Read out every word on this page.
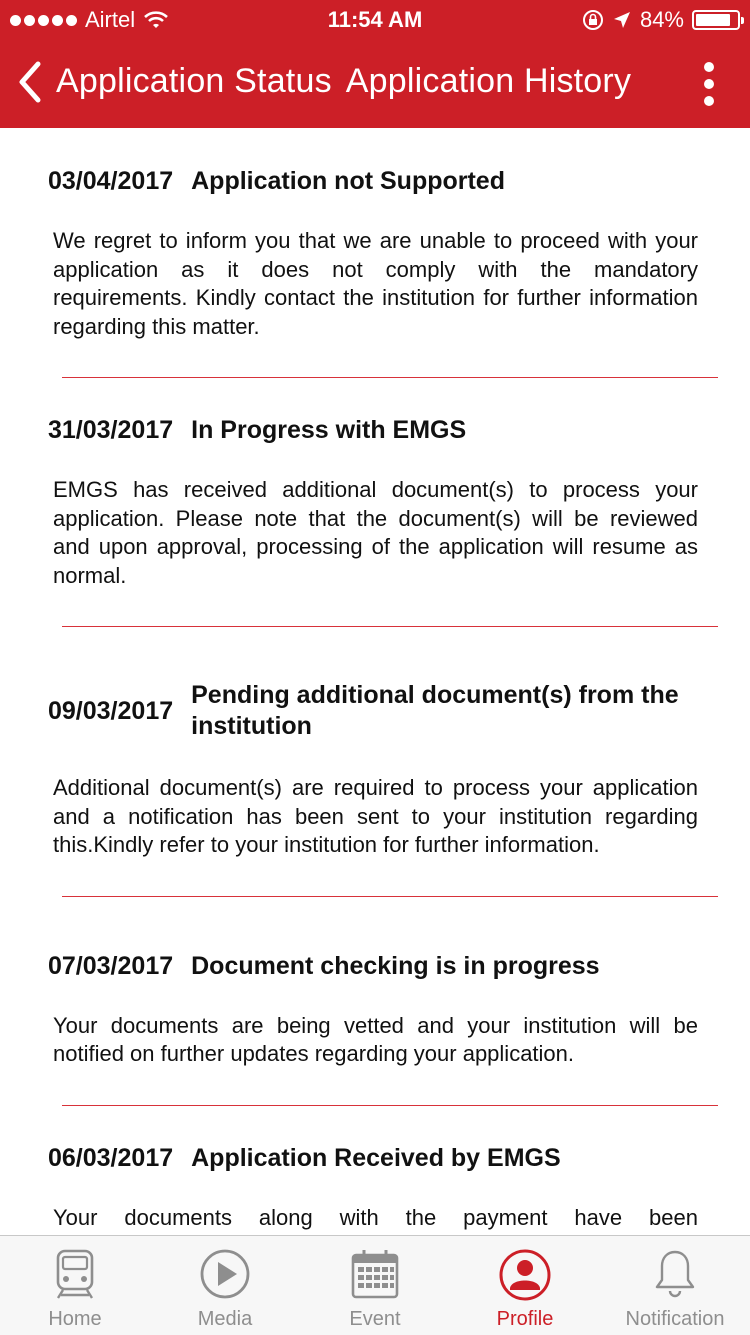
Airtel	11:54 AM	84%
Application Status Application History
03/04/2017 Application not Supported
We regret to inform you that we are unable to proceed with your application as it does not comply with the mandatory requirements. Kindly contact the institution for further information regarding this matter.
31/03/2017 In Progress with EMGS
EMGS has received additional document(s) to process your application. Please note that the document(s) will be reviewed and upon approval, processing of the application will resume as normal.
09/03/2017
Pending additional document(s) from the institution
Additional document(s) are required to process your application and a notification has been sent to your institution regarding this.Kindly refer to your institution for further information.
07/03/2017 Document checking is in progress
Your documents are being vetted and your institution will be notified on further updates regarding your application.
06/03/2017 Application Received by EMGS
Your documents along with the payment have been
Home	Media	Event	Profile	Notification
